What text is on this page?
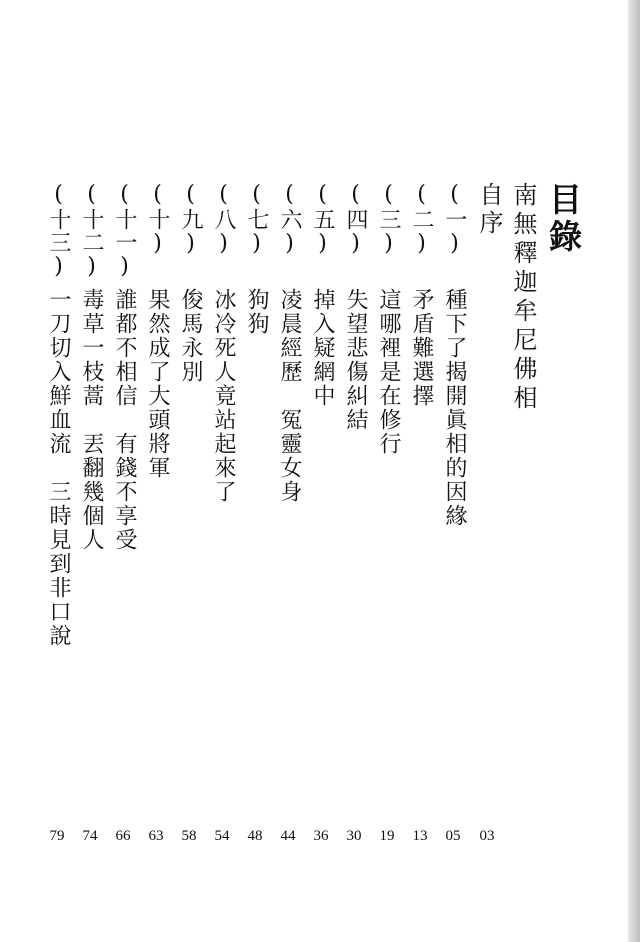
目錄
南無釋迦牟尼佛相
自序
(一)
(二)
(三)
(四)
(五)
(六)
(七)
(八)
(九)
(十)
(十一)
(十二)
(十三)
種下了揭開眞相的因緣
矛盾難選擇
這哪裡是在修行
失望悲傷糾結
掉入疑網中
凌晨經歷　冤靈女身
狗狗
冰冷死人竟站起來了
俊馬永別
果然成了大頭將軍
誰都不相信　有錢不享受
毒草一枝蒿　丟翻幾個人
一刀切入鮮血流　三時見到非口說
03
05
13
19
30
36
44
48
54
58
63
66
74
79
